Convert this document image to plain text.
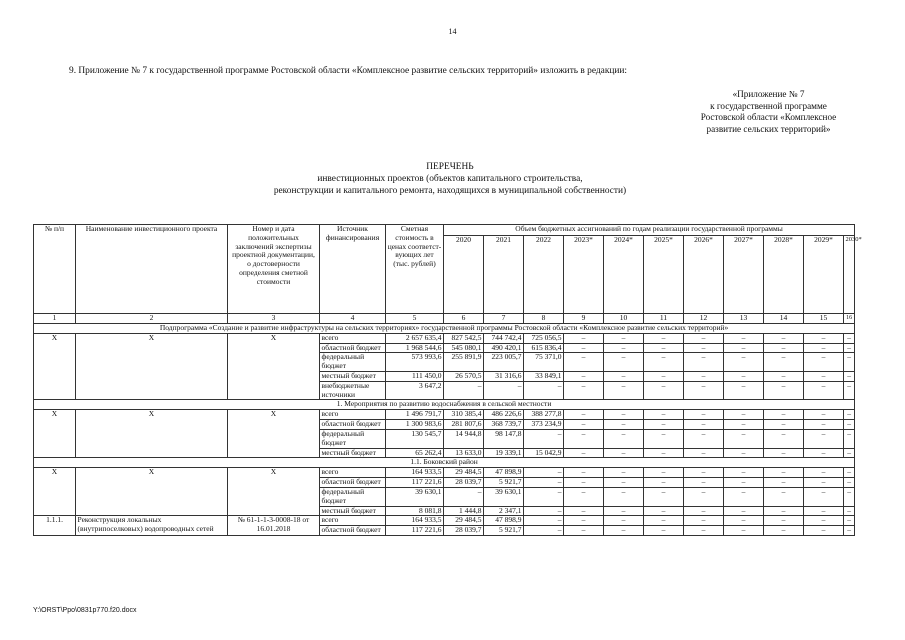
14
9. Приложение № 7 к государственной программе Ростовской области «Комплексное развитие сельских территорий» изложить в редакции:
«Приложение № 7
к государственной программе
Ростовской области «Комплексное
развитие сельских территорий»
ПЕРЕЧЕНЬ
инвестиционных проектов (объектов капитального строительства,
реконструкции и капитального ремонта, находящихся в муниципальной собственности)
№ п/п	Наименование инвестиционного проекта	Номер и дата положительных заключений экспертизы проектной документации, о достоверности определения сметной стоимости	Источник финансирования	Сметная стоимость в ценах соответст-вующих лет (тыс. рублей)	Объем бюджетных ассигнований по годам реализации государственной программы										
					2020	2021	2022	2023*	2024*	2025*	2026*	2027*	2028*	2029*	2030*
1	2	3	4	5	6	7	8	9	10	11	12	13	14	15	16
Подпрограмма «Создание и развитие инфраструктуры на сельских территориях» государственной программы Ростовской области «Комплексное развитие сельских территорий»															
X	X	X	всего	2 657 635,4	827 542,5	744 742,4	725 056,5	–	–	–	–	–	–	–	–
			областной бюджет	1 968 544,6	545 080,1	490 420,1	615 836,4	–	–	–	–	–	–	–	–
			федеральный бюджет	573 993,6	255 891,9	223 005,7	75 371,0	–	–	–	–	–	–	–	–
			местный бюджет	111 450,0	26 570,5	31 316,6	33 849,1	–	–	–	–	–	–	–	–
			внебюджетные источники	3 647,2	–	–	–	–	–	–	–	–	–	–	–
1. Мероприятия по развитию водоснабжения в сельской местности															
X	X	X	всего	1 496 791,7	310 385,4	486 226,6	388 277,8	–	–	–	–	–	–	–	–
			областной бюджет	1 300 983,6	281 807,6	368 739,7	373 234,9	–	–	–	–	–	–	–	–
			федеральный бюджет	130 545,7	14 944,8	98 147,8	–	–	–	–	–	–	–	–	–
			местный бюджет	65 262,4	13 633,0	19 339,1	15 042,9	–	–	–	–	–	–	–	–
1.1. Боковский район															
X	X	X	всего	164 933,5	29 484,5	47 898,9	–	–	–	–	–	–	–	–	–
			областной бюджет	117 221,6	28 039,7	5 921,7	–	–	–	–	–	–	–	–	–
			федеральный бюджет	39 630,1	–	39 630,1	–	–	–	–	–	–	–	–	–
			местный бюджет	8 081,8	1 444,8	2 347,1	–	–	–	–	–	–	–	–	–
1.1.1.	Реконструкция локальных (внутрипоселковых) водопроводных сетей	№ 61-1-1-3-0008-18 от 16.01.2018	всего	164 933,5	29 484,5	47 898,9	–	–	–	–	–	–	–	–	–
			областной бюджет	117 221,6	28 039,7	5 921,7	–	–	–	–	–	–	–	–	–
Y:\ORST\Ppo\0831p770.f20.docx
